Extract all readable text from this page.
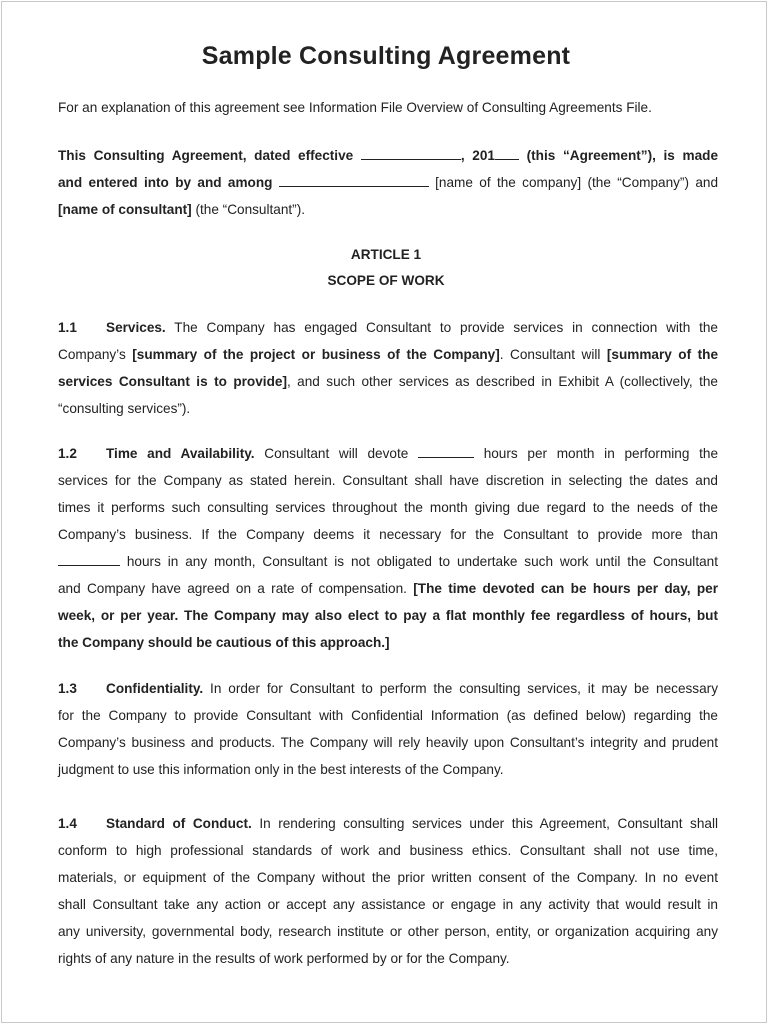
Sample Consulting Agreement
For an explanation of this agreement see Information File Overview of Consulting Agreements File.
This Consulting Agreement, dated effective	, 201 (this “Agreement”), is made
and entered into by and among	[name of the company] (the “Company”) and
[name of consultant] (the “Consultant”).
ARTICLE 1
SCOPE OF WORK
1.1 Services. The Company has engaged Consultant to provide services in connection with the
Company’s [summary of the project or business of the Company]. Consultant will [summary of the
services Consultant is to provide], and such other services as described in Exhibit A (collectively, the
“consulting services”).
1.2 Time and Availability. Consultant will devote	hours per month in performing the
services for the Company as stated herein. Consultant shall have discretion in selecting the dates and
times it performs such consulting services throughout the month giving due regard to the needs of the
Company’s business. If the Company deems it necessary for the Consultant to provide more than
hours in any month, Consultant is not obligated to undertake such work until the Consultant
and Company have agreed on a rate of compensation. [The time devoted can be hours per day, per
week, or per year. The Company may also elect to pay a flat monthly fee regardless of hours, but
the Company should be cautious of this approach.]
1.3 Confidentiality. In order for Consultant to perform the consulting services, it may be necessary
for the Company to provide Consultant with Confidential Information (as defined below) regarding the
Company’s business and products. The Company will rely heavily upon Consultant’s integrity and prudent
judgment to use this information only in the best interests of the Company.
1.4 Standard of Conduct. In rendering consulting services under this Agreement, Consultant shall
conform to high professional standards of work and business ethics. Consultant shall not use time,
materials, or equipment of the Company without the prior written consent of the Company. In no event
shall Consultant take any action or accept any assistance or engage in any activity that would result in
any university, governmental body, research institute or other person, entity, or organization acquiring any
rights of any nature in the results of work performed by or for the Company.
